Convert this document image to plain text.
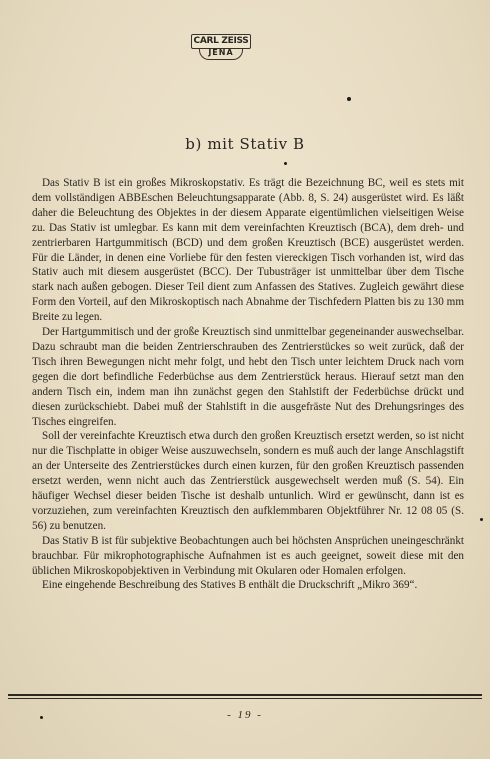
CARL ZEISS
JENA
b) mit Stativ B

Das Stativ B ist ein großes Mikroskopstativ. Es trägt die Bezeichnung BC, weil es stets mit dem vollständigen ABBEschen Beleuchtungsapparate (Abb. 8, S. 24) ausgerüstet wird. Es läßt daher die Beleuchtung des Objektes in der diesem Apparate eigentümlichen vielseitigen Weise zu. Das Stativ ist umlegbar. Es kann mit dem vereinfachten Kreuztisch (BCA), dem dreh- und zentrierbaren Hartgummitisch (BCD) und dem großen Kreuztisch (BCE) ausgerüstet werden. Für die Länder, in denen eine Vorliebe für den festen viereckigen Tisch vorhanden ist, wird das Stativ auch mit diesem ausgerüstet (BCC). Der Tubusträger ist unmittelbar über dem Tische stark nach außen gebogen. Dieser Teil dient zum Anfassen des Statives. Zugleich gewährt diese Form den Vorteil, auf den Mikroskoptisch nach Abnahme der Tischfedern Platten bis zu 130 mm Breite zu legen.

Der Hartgummitisch und der große Kreuztisch sind unmittelbar gegeneinander auswechselbar. Dazu schraubt man die beiden Zentrierschrauben des Zentrierstückes so weit zurück, daß der Tisch ihren Bewegungen nicht mehr folgt, und hebt den Tisch unter leichtem Druck nach vorn gegen die dort befindliche Federbüchse aus dem Zentrierstück heraus. Hierauf setzt man den andern Tisch ein, indem man ihn zunächst gegen den Stahlstift der Federbüchse drückt und diesen zurückschiebt. Dabei muß der Stahlstift in die ausgefräste Nut des Drehungsringes des Tisches eingreifen.

Soll der vereinfachte Kreuztisch etwa durch den großen Kreuztisch ersetzt werden, so ist nicht nur die Tischplatte in obiger Weise auszuwechseln, sondern es muß auch der lange Anschlagstift an der Unterseite des Zentrierstückes durch einen kurzen, für den großen Kreuztisch passenden ersetzt werden, wenn nicht auch das Zentrierstück ausgewechselt werden muß (S. 54). Ein häufiger Wechsel dieser beiden Tische ist deshalb untunlich. Wird er gewünscht, dann ist es vorzuziehen, zum vereinfachten Kreuztisch den aufklemmbaren Objektführer Nr. 12 08 05 (S. 56) zu benutzen.

Das Stativ B ist für subjektive Beobachtungen auch bei höchsten Ansprüchen uneingeschränkt brauchbar. Für mikrophotographische Aufnahmen ist es auch geeignet, soweit diese mit den üblichen Mikroskopobjektiven in Verbindung mit Okularen oder Homalen erfolgen.

Eine eingehende Beschreibung des Statives B enthält die Druckschrift „Mikro 369“.

- 19 -
